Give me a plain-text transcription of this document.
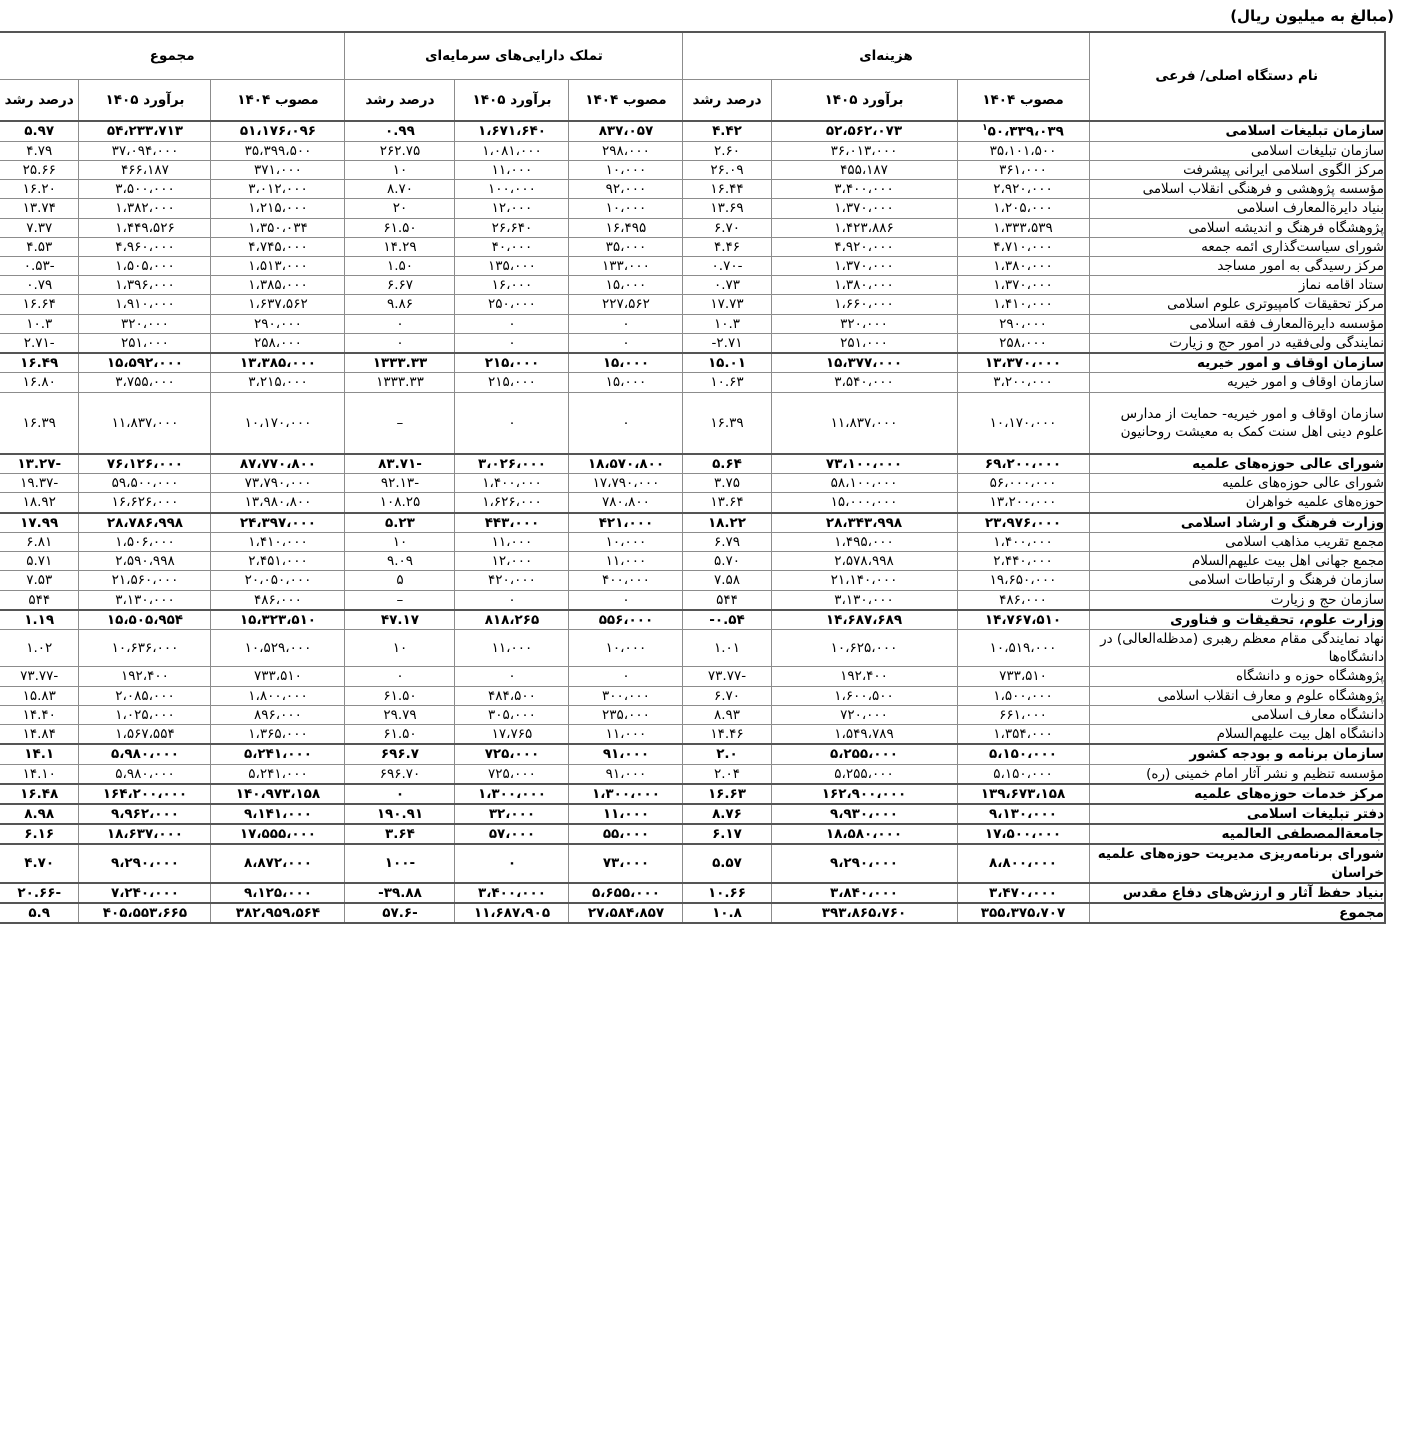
(مبالغ به میلیون ریال)
نام دستگاه اصلی/ فرعی	هزینه‌ای			تملک دارایی‌های سرمایه‌ای			مجموع		
	مصوب ۱۴۰۴	برآورد ۱۴۰۵	درصد رشد	مصوب ۱۴۰۴	برآورد ۱۴۰۵	درصد رشد	مصوب ۱۴۰۴	برآورد ۱۴۰۵	درصد رشد
سازمان تبلیغات اسلامی	$^۱$۵۰،۳۳۹،۰۳۹	۵۲،۵۶۲،۰۷۳	۴.۴۲	۸۳۷،۰۵۷	۱،۶۷۱،۶۴۰	۰.۹۹	۵۱،۱۷۶،۰۹۶	۵۴،۲۳۳،۷۱۳	۵.۹۷
سازمان تبلیغات اسلامی	۳۵،۱۰۱،۵۰۰	۳۶،۰۱۳،۰۰۰	۲.۶۰	۲۹۸،۰۰۰	۱،۰۸۱،۰۰۰	۲۶۲.۷۵	۳۵،۳۹۹،۵۰۰	۳۷،۰۹۴،۰۰۰	۴.۷۹
مرکز الگوی اسلامی ایرانی پیشرفت	۳۶۱،۰۰۰	۴۵۵،۱۸۷	۲۶.۰۹	۱۰،۰۰۰	۱۱،۰۰۰	۱۰	۳۷۱،۰۰۰	۴۶۶،۱۸۷	۲۵.۶۶
مؤسسه پژوهشی و فرهنگی انقلاب اسلامی	۲،۹۲۰،۰۰۰	۳،۴۰۰،۰۰۰	۱۶.۴۴	۹۲،۰۰۰	۱۰۰،۰۰۰	۸.۷۰	۳،۰۱۲،۰۰۰	۳،۵۰۰،۰۰۰	۱۶.۲۰
بنیاد دایرةالمعارف اسلامی	۱،۲۰۵،۰۰۰	۱،۳۷۰،۰۰۰	۱۳.۶۹	۱۰،۰۰۰	۱۲،۰۰۰	۲۰	۱،۲۱۵،۰۰۰	۱،۳۸۲،۰۰۰	۱۳.۷۴
پژوهشگاه فرهنگ و اندیشه اسلامی	۱،۳۳۳،۵۳۹	۱،۴۲۳،۸۸۶	۶.۷۰	۱۶،۴۹۵	۲۶،۶۴۰	۶۱.۵۰	۱،۳۵۰،۰۳۴	۱،۴۴۹،۵۲۶	۷.۳۷
شورای سیاست‌گذاری ائمه جمعه	۴،۷۱۰،۰۰۰	۴،۹۲۰،۰۰۰	۴.۴۶	۳۵،۰۰۰	۴۰،۰۰۰	۱۴.۲۹	۴،۷۴۵،۰۰۰	۴،۹۶۰،۰۰۰	۴.۵۳
مرکز رسیدگی به امور مساجد	۱،۳۸۰،۰۰۰	۱،۳۷۰،۰۰۰	-۰.۷۰	۱۳۳،۰۰۰	۱۳۵،۰۰۰	۱.۵۰	۱،۵۱۳،۰۰۰	۱،۵۰۵،۰۰۰	-۰.۵۳
ستاد اقامه نماز	۱،۳۷۰،۰۰۰	۱،۳۸۰،۰۰۰	۰.۷۳	۱۵،۰۰۰	۱۶،۰۰۰	۶.۶۷	۱،۳۸۵،۰۰۰	۱،۳۹۶،۰۰۰	۰.۷۹
مرکز تحقیقات کامپیوتری علوم اسلامی	۱،۴۱۰،۰۰۰	۱،۶۶۰،۰۰۰	۱۷.۷۳	۲۲۷،۵۶۲	۲۵۰،۰۰۰	۹.۸۶	۱،۶۳۷،۵۶۲	۱،۹۱۰،۰۰۰	۱۶.۶۴
مؤسسه دایرةالمعارف فقه اسلامی	۲۹۰،۰۰۰	۳۲۰،۰۰۰	۱۰.۳	۰	۰	۰	۲۹۰،۰۰۰	۳۲۰،۰۰۰	۱۰.۳
نمایندگی ولی‌فقیه در امور حج و زیارت	۲۵۸،۰۰۰	۲۵۱،۰۰۰	۲.۷۱-	۰	۰	۰	۲۵۸،۰۰۰	۲۵۱،۰۰۰	-۲.۷۱
سازمان اوقاف و امور خیریه	۱۳،۳۷۰،۰۰۰	۱۵،۳۷۷،۰۰۰	۱۵.۰۱	۱۵،۰۰۰	۲۱۵،۰۰۰	۱۳۳۳.۳۳	۱۳،۳۸۵،۰۰۰	۱۵،۵۹۲،۰۰۰	۱۶.۴۹
سازمان اوقاف و امور خیریه	۳،۲۰۰،۰۰۰	۳،۵۴۰،۰۰۰	۱۰.۶۳	۱۵،۰۰۰	۲۱۵،۰۰۰	۱۳۳۳.۳۳	۳،۲۱۵،۰۰۰	۳،۷۵۵،۰۰۰	۱۶.۸۰
سازمان اوقاف و امور خیریه- حمایت از مدارس علوم دینی اهل سنت کمک به معیشت روحانیون	۱۰،۱۷۰،۰۰۰	۱۱،۸۳۷،۰۰۰	۱۶.۳۹	۰	۰	–	۱۰،۱۷۰،۰۰۰	۱۱،۸۳۷،۰۰۰	۱۶.۳۹
شورای عالی حوزه‌های علمیه	۶۹،۲۰۰،۰۰۰	۷۳،۱۰۰،۰۰۰	۵.۶۴	۱۸،۵۷۰،۸۰۰	۳،۰۲۶،۰۰۰	-۸۳.۷۱	۸۷،۷۷۰،۸۰۰	۷۶،۱۲۶،۰۰۰	-۱۳.۲۷
شورای عالی حوزه‌های علمیه	۵۶،۰۰۰،۰۰۰	۵۸،۱۰۰،۰۰۰	۳.۷۵	۱۷،۷۹۰،۰۰۰	۱،۴۰۰،۰۰۰	-۹۲.۱۳	۷۳،۷۹۰،۰۰۰	۵۹،۵۰۰،۰۰۰	-۱۹.۳۷
حوزه‌های علمیه خواهران	۱۳،۲۰۰،۰۰۰	۱۵،۰۰۰،۰۰۰	۱۳.۶۴	۷۸۰،۸۰۰	۱،۶۲۶،۰۰۰	۱۰۸.۲۵	۱۳،۹۸۰،۸۰۰	۱۶،۶۲۶،۰۰۰	۱۸.۹۲
وزارت فرهنگ و ارشاد اسلامی	۲۳،۹۷۶،۰۰۰	۲۸،۳۴۳،۹۹۸	۱۸.۲۲	۴۲۱،۰۰۰	۴۴۳،۰۰۰	۵.۲۳	۲۴،۳۹۷،۰۰۰	۲۸،۷۸۶،۹۹۸	۱۷.۹۹
مجمع تقریب مذاهب اسلامی	۱،۴۰۰،۰۰۰	۱،۴۹۵،۰۰۰	۶.۷۹	۱۰،۰۰۰	۱۱،۰۰۰	۱۰	۱،۴۱۰،۰۰۰	۱،۵۰۶،۰۰۰	۶.۸۱
مجمع جهانی اهل بیت علیهم‌السلام	۲،۴۴۰،۰۰۰	۲،۵۷۸،۹۹۸	۵.۷۰	۱۱،۰۰۰	۱۲،۰۰۰	۹.۰۹	۲،۴۵۱،۰۰۰	۲،۵۹۰،۹۹۸	۵.۷۱
سازمان فرهنگ و ارتباطات اسلامی	۱۹،۶۵۰،۰۰۰	۲۱،۱۴۰،۰۰۰	۷.۵۸	۴۰۰،۰۰۰	۴۲۰،۰۰۰	۵	۲۰،۰۵۰،۰۰۰	۲۱،۵۶۰،۰۰۰	۷.۵۳
سازمان حج و زیارت	۴۸۶،۰۰۰	۳،۱۳۰،۰۰۰	۵۴۴	۰	۰	–	۴۸۶،۰۰۰	۳،۱۳۰،۰۰۰	۵۴۴
وزارت علوم، تحقیقات و فناوری	۱۴،۷۶۷،۵۱۰	۱۴،۶۸۷،۶۸۹	۰.۵۴-	۵۵۶،۰۰۰	۸۱۸،۲۶۵	۴۷.۱۷	۱۵،۳۲۳،۵۱۰	۱۵،۵۰۵،۹۵۴	۱.۱۹
نهاد نمایندگی مقام معظم رهبری (مدظله‌العالی) در دانشگاه‌ها	۱۰،۵۱۹،۰۰۰	۱۰،۶۲۵،۰۰۰	۱.۰۱	۱۰،۰۰۰	۱۱،۰۰۰	۱۰	۱۰،۵۲۹،۰۰۰	۱۰،۶۳۶،۰۰۰	۱.۰۲
پژوهشگاه حوزه و دانشگاه	۷۳۳،۵۱۰	۱۹۲،۴۰۰	-۷۳.۷۷	۰	۰	۰	۷۳۳،۵۱۰	۱۹۲،۴۰۰	-۷۳.۷۷
پژوهشگاه علوم و معارف انقلاب اسلامی	۱،۵۰۰،۰۰۰	۱،۶۰۰،۵۰۰	۶.۷۰	۳۰۰،۰۰۰	۴۸۴،۵۰۰	۶۱.۵۰	۱،۸۰۰،۰۰۰	۲،۰۸۵،۰۰۰	۱۵.۸۳
دانشگاه معارف اسلامی	۶۶۱،۰۰۰	۷۲۰،۰۰۰	۸.۹۳	۲۳۵،۰۰۰	۳۰۵،۰۰۰	۲۹.۷۹	۸۹۶،۰۰۰	۱،۰۲۵،۰۰۰	۱۴.۴۰
دانشگاه اهل بیت علیهم‌السلام	۱،۳۵۴،۰۰۰	۱،۵۴۹،۷۸۹	۱۴.۴۶	۱۱،۰۰۰	۱۷،۷۶۵	۶۱.۵۰	۱،۳۶۵،۰۰۰	۱،۵۶۷،۵۵۴	۱۴.۸۴
سازمان برنامه و بودجه کشور	۵،۱۵۰،۰۰۰	۵،۲۵۵،۰۰۰	۲.۰	۹۱،۰۰۰	۷۲۵،۰۰۰	۶۹۶.۷	۵،۲۴۱،۰۰۰	۵،۹۸۰،۰۰۰	۱۴.۱
مؤسسه تنظیم و نشر آثار امام خمینی (ره)	۵،۱۵۰،۰۰۰	۵،۲۵۵،۰۰۰	۲.۰۴	۹۱،۰۰۰	۷۲۵،۰۰۰	۶۹۶.۷۰	۵،۲۴۱،۰۰۰	۵،۹۸۰،۰۰۰	۱۴.۱۰
مرکز خدمات حوزه‌های علمیه	۱۳۹،۶۷۳،۱۵۸	۱۶۲،۹۰۰،۰۰۰	۱۶.۶۳	۱،۳۰۰،۰۰۰	۱،۳۰۰،۰۰۰	۰	۱۴۰،۹۷۳،۱۵۸	۱۶۴،۲۰۰،۰۰۰	۱۶.۴۸
دفتر تبلیغات اسلامی	۹،۱۳۰،۰۰۰	۹،۹۳۰،۰۰۰	۸.۷۶	۱۱،۰۰۰	۳۲،۰۰۰	۱۹۰.۹۱	۹،۱۴۱،۰۰۰	۹،۹۶۲،۰۰۰	۸.۹۸
جامعةالمصطفی العالمیه	۱۷،۵۰۰،۰۰۰	۱۸،۵۸۰،۰۰۰	۶.۱۷	۵۵،۰۰۰	۵۷،۰۰۰	۳.۶۴	۱۷،۵۵۵،۰۰۰	۱۸،۶۳۷،۰۰۰	۶.۱۶
شورای برنامه‌ریزی مدیریت حوزه‌های علمیه خراسان	۸،۸۰۰،۰۰۰	۹،۲۹۰،۰۰۰	۵.۵۷	۷۳،۰۰۰	۰	-۱۰۰	۸،۸۷۲،۰۰۰	۹،۲۹۰،۰۰۰	۴.۷۰
بنیاد حفظ آثار و ارزش‌های دفاع مقدس	۳،۴۷۰،۰۰۰	۳،۸۴۰،۰۰۰	۱۰.۶۶	۵،۶۵۵،۰۰۰	۳،۴۰۰،۰۰۰	۳۹.۸۸-	۹،۱۲۵،۰۰۰	۷،۲۴۰،۰۰۰	-۲۰.۶۶
مجموع	۳۵۵،۳۷۵،۷۰۷	۳۹۳،۸۶۵،۷۶۰	۱۰.۸	۲۷،۵۸۴،۸۵۷	۱۱،۶۸۷،۹۰۵	-۵۷.۶	۳۸۲،۹۵۹،۵۶۴	۴۰۵،۵۵۳،۶۶۵	۵.۹
